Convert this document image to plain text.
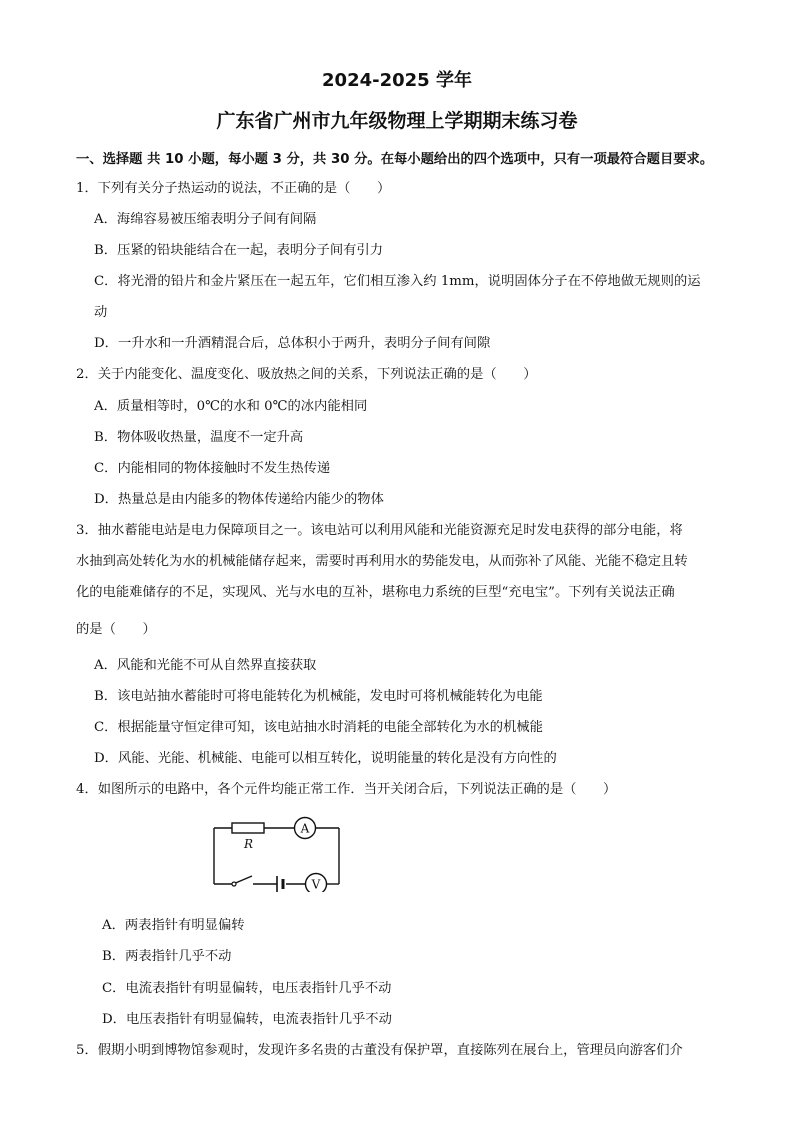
2024-2025 学年
广东省广州市九年级物理上学期期末练习卷
一、选择题 共 10 小题，每小题 3 分，共 30 分。在每小题给出的四个选项中，只有一项最符合题目要求。
1．下列有关分子热运动的说法，不正确的是（　　）
A．海绵容易被压缩表明分子间有间隔
B．压紧的铅块能结合在一起，表明分子间有引力
C．将光滑的铅片和金片紧压在一起五年，它们相互渗入约 1mm，说明固体分子在不停地做无规则的运
动
D．一升水和一升酒精混合后，总体积小于两升，表明分子间有间隙
2．关于内能变化、温度变化、吸放热之间的关系，下列说法正确的是（　　）
A．质量相等时，0℃的水和 0℃的冰内能相同
B．物体吸收热量，温度不一定升高
C．内能相同的物体接触时不发生热传递
D．热量总是由内能多的物体传递给内能少的物体
3．抽水蓄能电站是电力保障项目之一。该电站可以利用风能和光能资源充足时发电获得的部分电能，将
水抽到高处转化为水的机械能储存起来，需要时再利用水的势能发电，从而弥补了风能、光能不稳定且转
化的电能难储存的不足，实现风、光与水电的互补，堪称电力系统的巨型“充电宝”。下列有关说法正确
的是（　　）
A．风能和光能不可从自然界直接获取
B．该电站抽水蓄能时可将电能转化为机械能，发电时可将机械能转化为电能
C．根据能量守恒定律可知，该电站抽水时消耗的电能全部转化为水的机械能
D．风能、光能、机械能、电能可以相互转化，说明能量的转化是没有方向性的
4．如图所示的电路中，各个元件均能正常工作．当开关闭合后，下列说法正确的是（　　）
R
A
V
A．两表指针有明显偏转
B．两表指针几乎不动
C．电流表指针有明显偏转，电压表指针几乎不动
D．电压表指针有明显偏转，电流表指针几乎不动
5．假期小明到博物馆参观时，发现许多名贵的古董没有保护罩，直接陈列在展台上，管理员向游客们介
